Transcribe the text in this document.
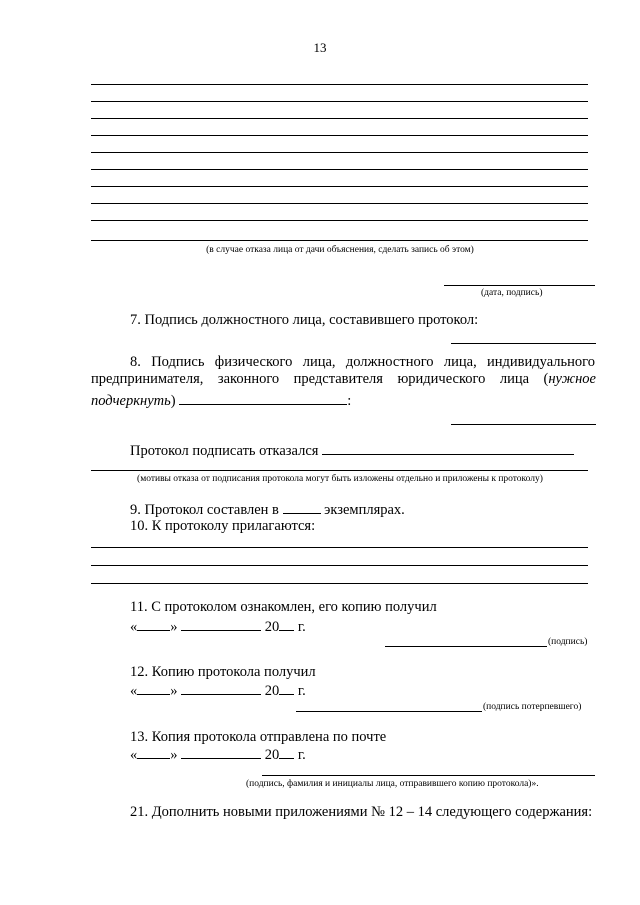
13
(в случае отказа лица от дачи объяснения, сделать запись об этом)
(дата, подпись)
7. Подпись должностного лица, составившего протокол:
8. Подпись физического лица, должностного лица, индивидуального
предпринимателя, законного представителя юридического лица (нужное
подчеркнуть)	:
Протокол подписать отказался
(мотивы отказа от подписания протокола могут быть изложены отдельно и приложены к протоколу)
9. Протокол составлен в	экземплярах.
10. К протоколу прилагаются:
11. С протоколом ознакомлен, его копию получил
« »	20 г.
(подпись)
12. Копию протокола получил
« »	20 г.
(подпись потерпевшего)
13. Копия протокола отправлена по почте
« »	20 г.
(подпись, фамилия и инициалы лица, отправившего копию протокола)».
21. Дополнить новыми приложениями № 12 – 14 следующего содержания:
